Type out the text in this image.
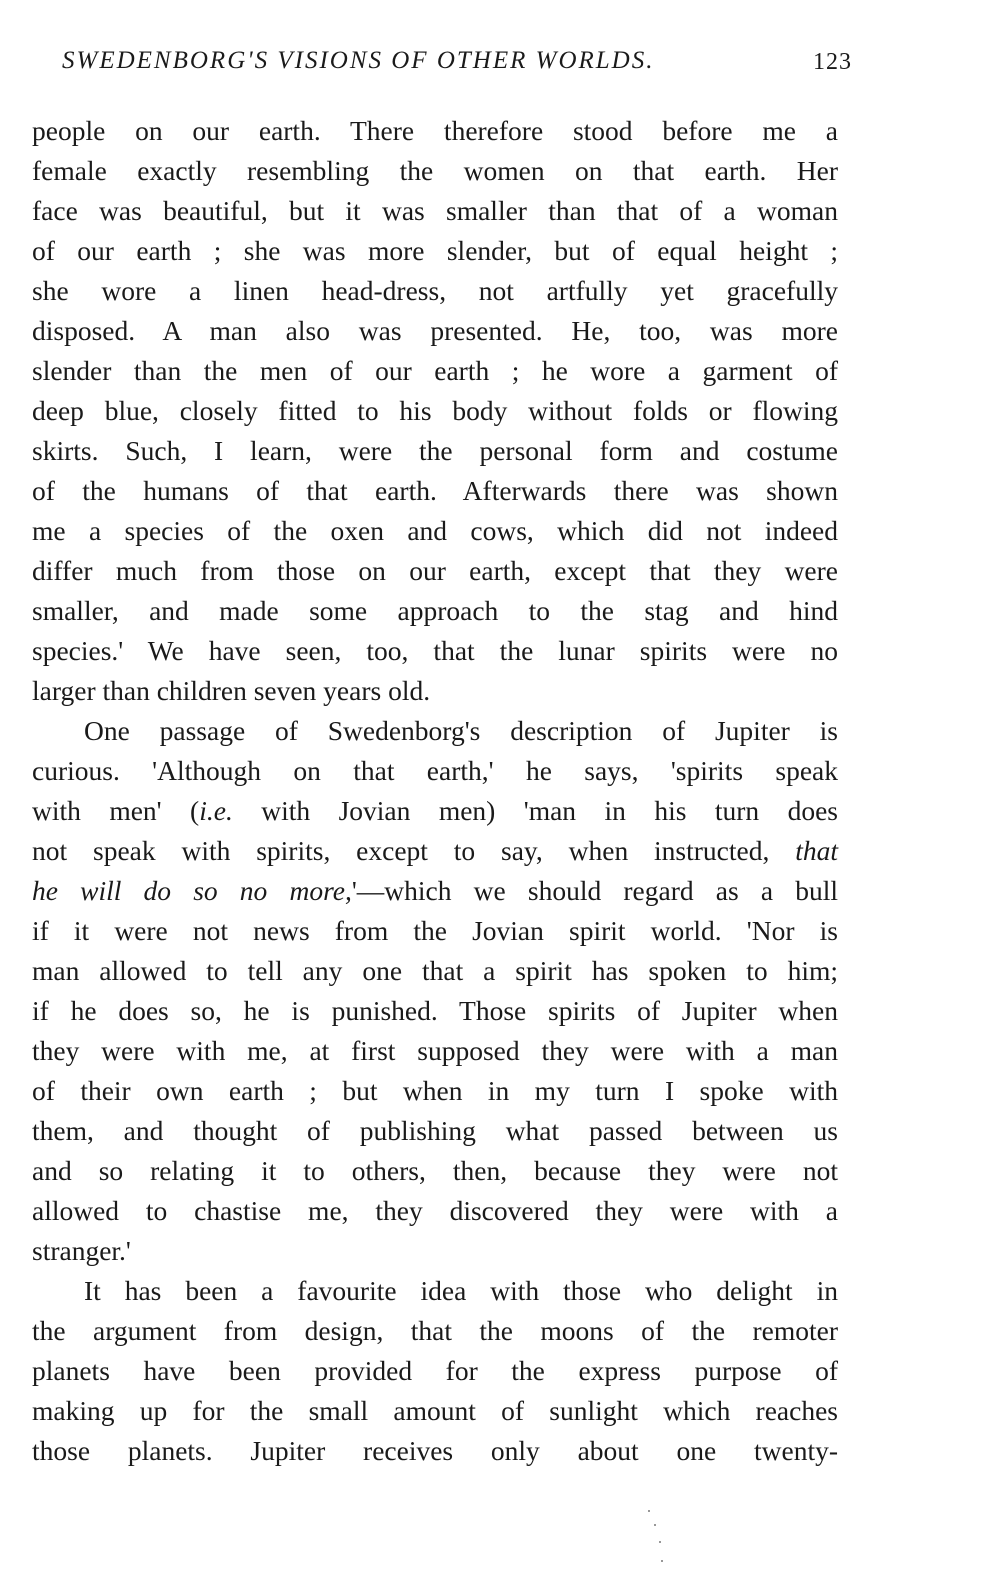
SWEDENBORG'S VISIONS OF OTHER WORLDS.	123
people on our earth. There therefore stood before me a
female exactly resembling the women on that earth. Her
face was beautiful, but it was smaller than that of a woman
of our earth ; she was more slender, but of equal height ;
she wore a linen head-dress, not artfully yet gracefully
disposed. A man also was presented. He, too, was more
slender than the men of our earth ; he wore a garment of
deep blue, closely fitted to his body without folds or flowing
skirts. Such, I learn, were the personal form and costume
of the humans of that earth. Afterwards there was shown
me a species of the oxen and cows, which did not indeed
differ much from those on our earth, except that they were
smaller, and made some approach to the stag and hind
species.' We have seen, too, that the lunar spirits were no
larger than children seven years old.
One passage of Swedenborg's description of Jupiter is
curious. 'Although on that earth,' he says, 'spirits speak
with men' (i.e. with Jovian men) 'man in his turn does
not speak with spirits, except to say, when instructed, that
he will do so no more,'—which we should regard as a bull
if it were not news from the Jovian spirit world. 'Nor is
man allowed to tell any one that a spirit has spoken to him;
if he does so, he is punished. Those spirits of Jupiter when
they were with me, at first supposed they were with a man
of their own earth ; but when in my turn I spoke with
them, and thought of publishing what passed between us
and so relating it to others, then, because they were not
allowed to chastise me, they discovered they were with a
stranger.'
It has been a favourite idea with those who delight in
the argument from design, that the moons of the remoter
planets have been provided for the express purpose of
making up for the small amount of sunlight which reaches
those planets. Jupiter receives only about one twenty-
